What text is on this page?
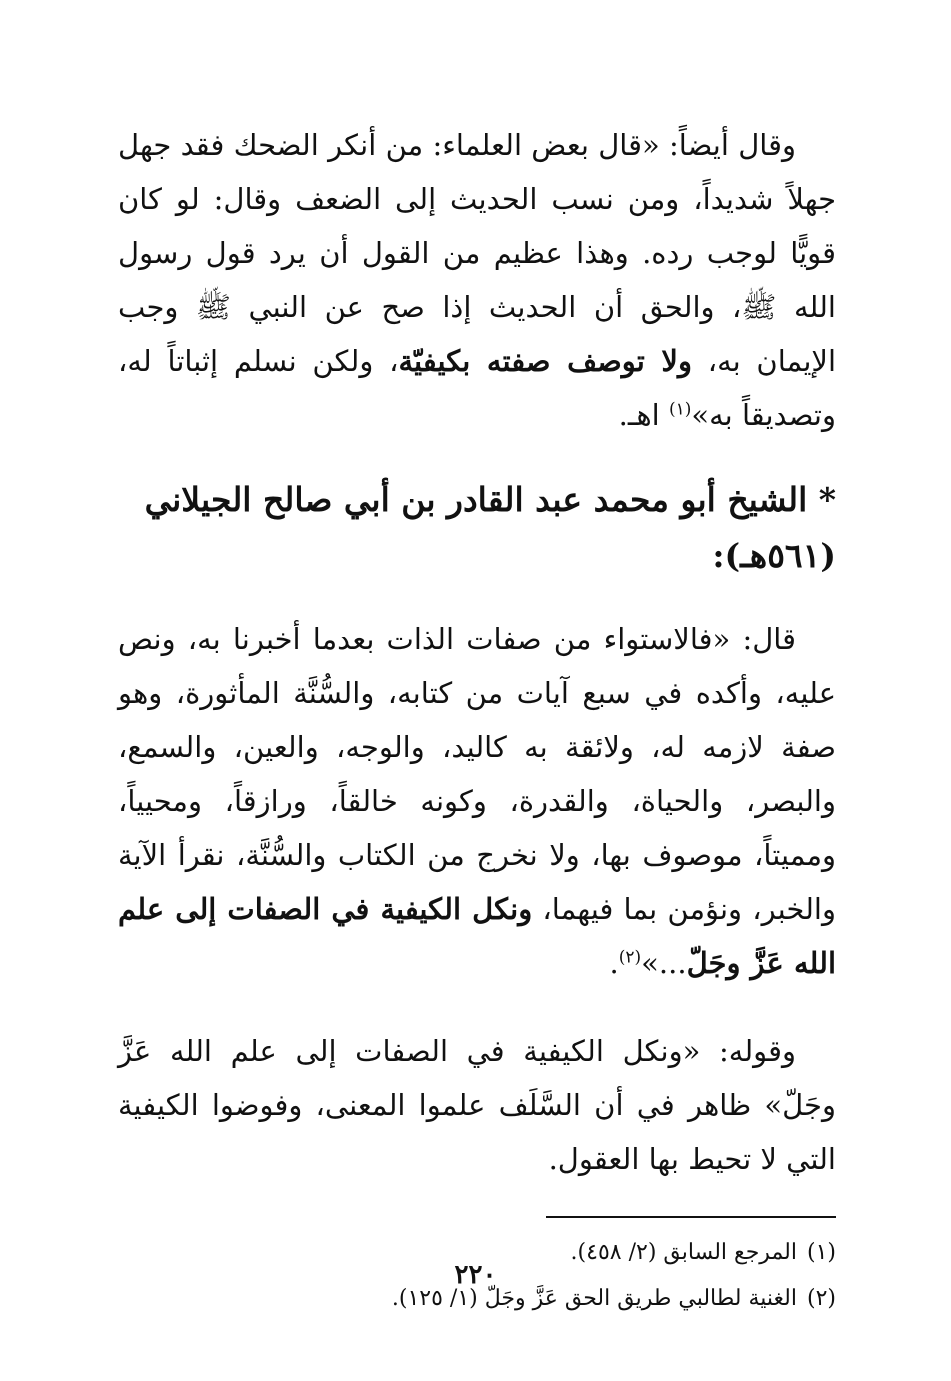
وقال أيضاً: «قال بعض العلماء: من أنكر الضحك فقد جهل جهلاً شديداً، ومن نسب الحديث إلى الضعف وقال: لو كان قويًّا لوجب رده. وهذا عظيم من القول أن يرد قول رسول الله ﷺ، والحق أن الحديث إذا صح عن النبي ﷺ وجب الإيمان به، ولا توصف صفته بكيفيّة، ولكن نسلم إثباتاً له، وتصديقاً به»$^{(١)}$ اهـ.

* الشيخ أبو محمد عبد القادر بن أبي صالح الجيلاني (٥٦١هـ):

قال: «فالاستواء من صفات الذات بعدما أخبرنا به، ونص عليه، وأكده في سبع آيات من كتابه، والسُّنَّة المأثورة، وهو صفة لازمه له، ولائقة به كاليد، والوجه، والعين، والسمع، والبصر، والحياة، والقدرة، وكونه خالقاً، ورازقاً، ومحيياً، ومميتاً، موصوف بها، ولا نخرج من الكتاب والسُّنَّة، نقرأ الآية والخبر، ونؤمن بما فيهما، ونكل الكيفية في الصفات إلى علم الله عَزَّ وجَلّ...»$^{(٢)}$.

وقوله: «ونكل الكيفية في الصفات إلى علم الله عَزَّ وجَلّ» ظاهر في أن السَّلَف علموا المعنى، وفوضوا الكيفية التي لا تحيط بها العقول.

(١)المرجع السابق (٢/ ٤٥٨).

(٢)الغنية لطالبي طريق الحق عَزَّ وجَلّ (١/ ١٢٥).

٢٢٠
